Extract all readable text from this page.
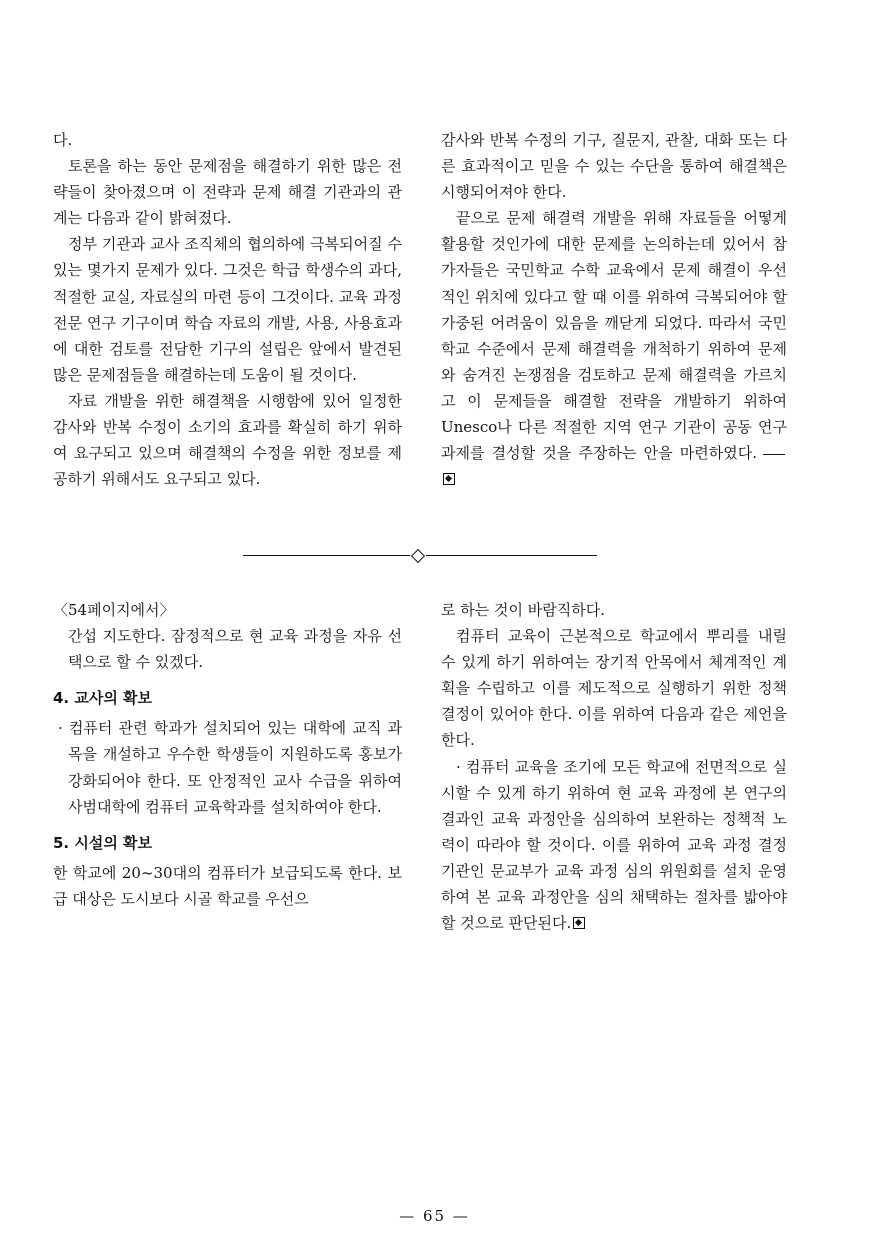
다.

토론을 하는 동안 문제점을 해결하기 위한 많은 전략들이 찾아졌으며 이 전략과 문제 해결 기관과의 관계는 다음과 같이 밝혀졌다.

정부 기관과 교사 조직체의 협의하에 극복되어질 수 있는 몇가지 문제가 있다. 그것은 학급 학생수의 과다, 적절한 교실, 자료실의 마련 등이 그것이다. 교육 과정 전문 연구 기구이며 학습 자료의 개발, 사용, 사용효과에 대한 검토를 전담한 기구의 설립은 앞에서 발견된 많은 문제점들을 해결하는데 도움이 될 것이다.

자료 개발을 위한 해결책을 시행함에 있어 일정한 감사와 반복 수정이 소기의 효과를 확실히 하기 위하여 요구되고 있으며 해결책의 수정을 위한 정보를 제공하기 위해서도 요구되고 있다.

감사와 반복 수정의 기구, 질문지, 관찰, 대화 또는 다른 효과적이고 믿을 수 있는 수단을 통하여 해결책은 시행되어져야 한다.

끝으로 문제 해결력 개발을 위해 자료들을 어떻게 활용할 것인가에 대한 문제를 논의하는데 있어서 참가자들은 국민학교 수학 교육에서 문제 해결이 우선적인 위치에 있다고 할 때 이를 위하여 극복되어야 할 가중된 어려움이 있음을 깨닫게 되었다. 따라서 국민학교 수준에서 문제 해결력을 개척하기 위하여 문제와 숨겨진 논쟁점을 검토하고 문제 해결력을 가르치고 이 문제들을 해결할 전략을 개발하기 위하여 Unesco나 다른 적절한 지역 연구 기관이 공동 연구 과제를 결성할 것을 주장하는 안을 마련하였다.

〈54페이지에서〉

간섭 지도한다. 잠정적으로 현 교육 과정을 자유 선택으로 할 수 있겠다.

4. 교사의 확보

· 컴퓨터 관련 학과가 설치되어 있는 대학에 교직 과목을 개설하고 우수한 학생들이 지원하도록 홍보가 강화되어야 한다. 또 안정적인 교사 수급을 위하여 사범대학에 컴퓨터 교육학과를 설치하여야 한다.

5. 시설의 확보

한 학교에 20~30대의 컴퓨터가 보급되도록 한다. 보급 대상은 도시보다 시골 학교를 우선으

로 하는 것이 바람직하다.

컴퓨터 교육이 근본적으로 학교에서 뿌리를 내릴 수 있게 하기 위하여는 장기적 안목에서 체계적인 계획을 수립하고 이를 제도적으로 실행하기 위한 정책 결정이 있어야 한다. 이를 위하여 다음과 같은 제언을 한다.

· 컴퓨터 교육을 조기에 모든 학교에 전면적으로 실시할 수 있게 하기 위하여 현 교육 과정에 본 연구의 결과인 교육 과정안을 심의하여 보완하는 정책적 노력이 따라야 할 것이다. 이를 위하여 교육 과정 결정 기관인 문교부가 교육 과정 심의 위원회를 설치 운영하여 본 교육 과정안을 심의 채택하는 절차를 밟아야 할 것으로 판단된다.

— 65 —
